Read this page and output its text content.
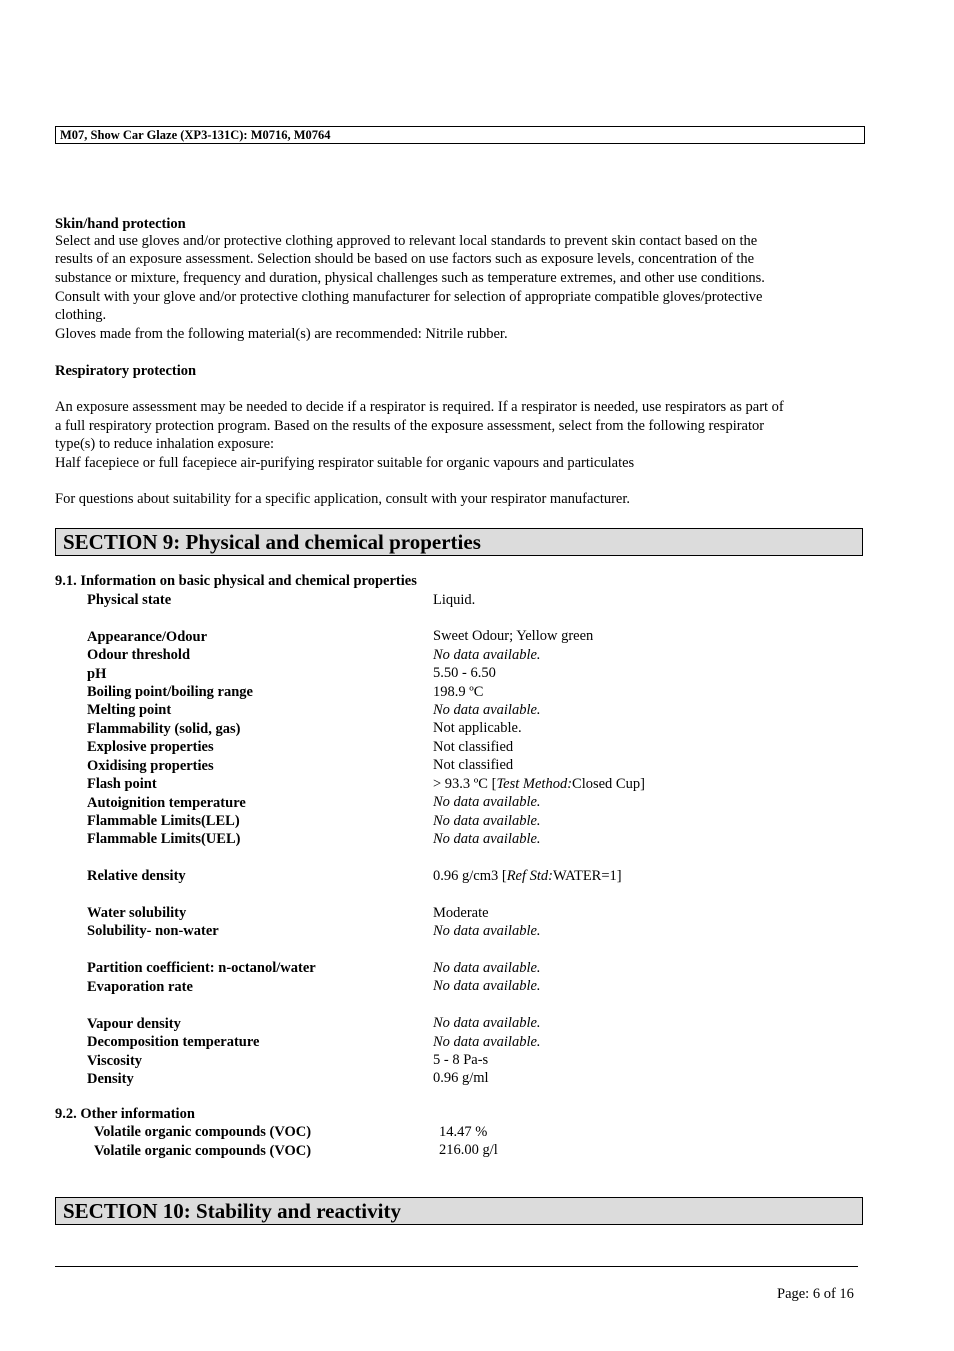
M07, Show Car Glaze (XP3-131C): M0716, M0764
Skin/hand protection
Select and use gloves and/or protective clothing approved to relevant local standards to prevent skin contact based on the
results of an exposure assessment. Selection should be based on use factors such as exposure levels, concentration of the
substance or mixture, frequency and duration, physical challenges such as temperature extremes, and other use conditions.
Consult with your glove and/or protective clothing manufacturer for selection of appropriate compatible gloves/protective
clothing.
Gloves made from the following material(s) are recommended: Nitrile rubber.
Respiratory protection
An exposure assessment may be needed to decide if a respirator is required. If a respirator is needed, use respirators as part of
a full respiratory protection program. Based on the results of the exposure assessment, select from the following respirator
type(s) to reduce inhalation exposure:
Half facepiece or full facepiece air-purifying respirator suitable for organic vapours and particulates
For questions about suitability for a specific application, consult with your respirator manufacturer.
SECTION 9: Physical and chemical properties
9.1. Information on basic physical and chemical properties
Physical state	Liquid.
Appearance/Odour	Sweet Odour; Yellow green
Odour threshold	No data available.
pH	5.50 - 6.50
Boiling point/boiling range	198.9 ºC
Melting point	No data available.
Flammability (solid, gas)	Not applicable.
Explosive properties	Not classified
Oxidising properties	Not classified
Flash point	> 93.3 ºC [Test Method:Closed Cup]
Autoignition temperature	No data available.
Flammable Limits(LEL)	No data available.
Flammable Limits(UEL)	No data available.
Relative density	0.96 g/cm3 [Ref Std:WATER=1]
Water solubility	Moderate
Solubility- non-water	No data available.
Partition coefficient: n-octanol/water	No data available.
Evaporation rate	No data available.
Vapour density	No data available.
Decomposition temperature	No data available.
Viscosity	5 - 8 Pa-s
Density	0.96 g/ml
9.2. Other information
Volatile organic compounds (VOC)	14.47 %
Volatile organic compounds (VOC)	216.00 g/l
SECTION 10: Stability and reactivity
Page: 6 of 16
